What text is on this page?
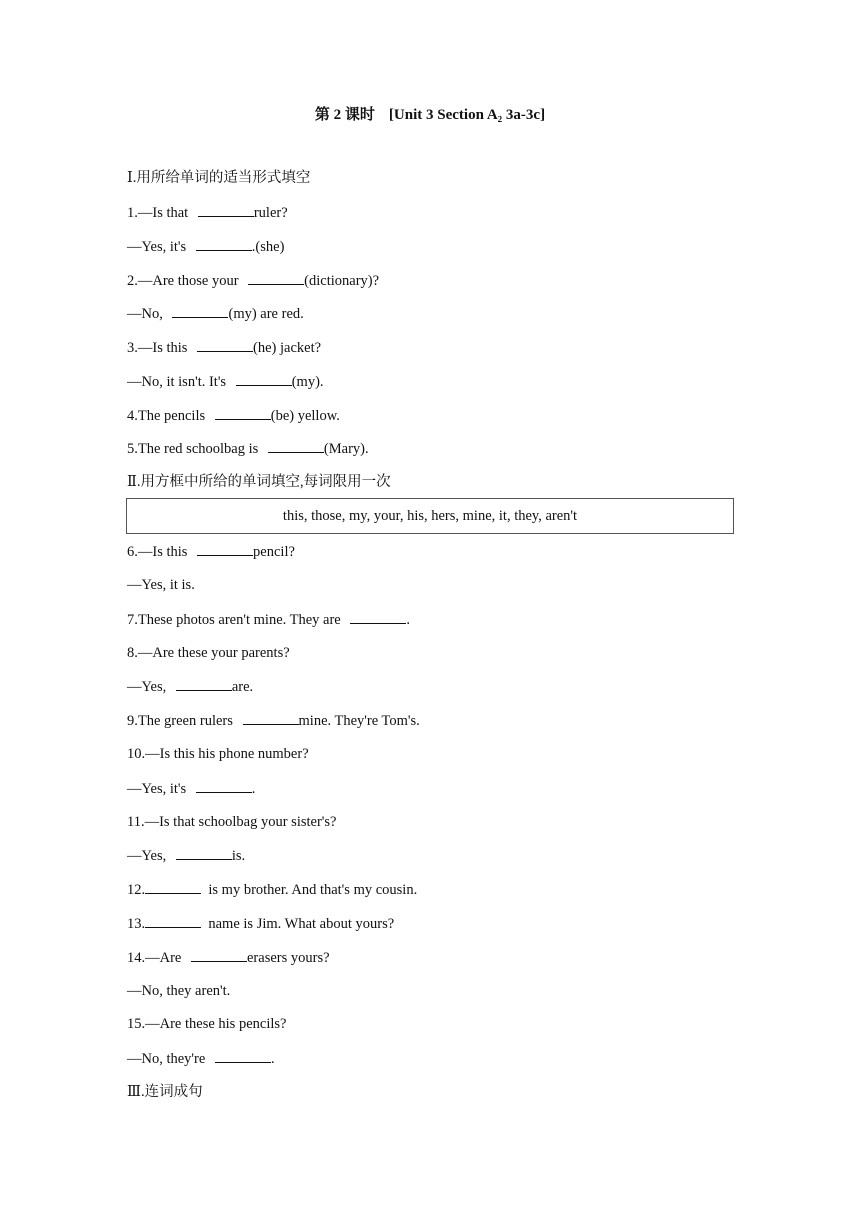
第 2 课时 [Unit 3 Section A₂ 3a-3c]
Ⅰ.用所给单词的适当形式填空
1.—Is that	ruler?
—Yes, it's	.(she)
2.—Are those your	(dictionary)?
—No,	(my) are red.
3.—Is this	(he) jacket?
—No, it isn't. It's	(my).
4.The pencils	(be) yellow.
5.The red schoolbag is	(Mary).
Ⅱ.用方框中所给的单词填空,每词限用一次
this, those, my, your, his, hers, mine, it, they, aren't
6.—Is this	pencil?
—Yes, it is.
7.These photos aren't mine. They are	.
8.—Are these your parents?
—Yes,	are.
9.The green rulers	mine. They're Tom's.
10.—Is this his phone number?
—Yes, it's	.
11.—Is that schoolbag your sister's?
—Yes,	is.
12.	is my brother. And that's my cousin.
13.	name is Jim. What about yours?
14.—Are	erasers yours?
—No, they aren't.
15.—Are these his pencils?
—No, they're	.
Ⅲ.连词成句
